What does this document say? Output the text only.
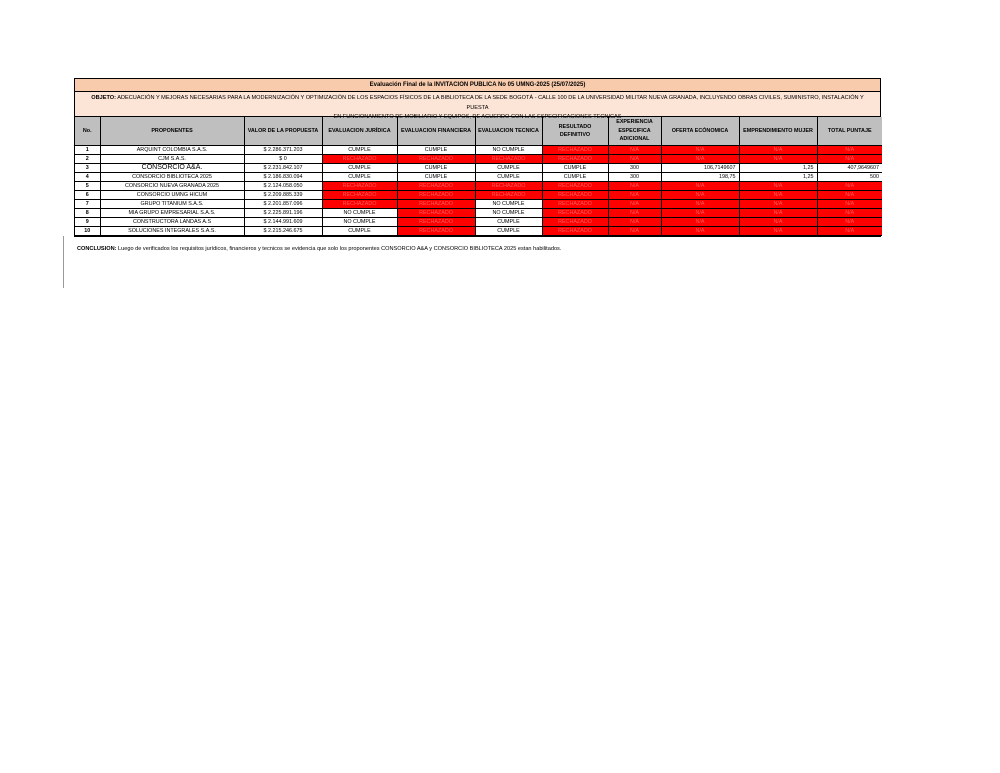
Evaluación Final de la INVITACION PUBLICA No 05 UMNG-2025 (25/07/2025)
OBJETO: ADECUACIÓN Y MEJORAS NECESARIAS PARA LA MODERNIZACIÓN Y OPTIMIZACIÓN DE LOS ESPACIOS FÍSICOS DE LA BIBLIOTECA DE LA SEDE BOGOTÁ - CALLE 100 DE LA UNIVERSIDAD MILITAR NUEVA GRANADA, INCLUYENDO OBRAS CIVILES, SUMINISTRO, INSTALACIÓN Y PUESTA
EN FUNCIONAMIENTO DE MOBILIARIO Y EQUIPOS, DE ACUERDO CON LAS ESPECIFICACIONES TECNICAS
No.	PROPONENTES	VALOR DE LA PROPUESTA	EVALUACION JURÍDICA	EVALUACION FINANCIERA	EVALUACION TECNICA	RESULTADO DEFINITIVO	EXPERIENCIA ESPECIFICA ADICIONAL	OFERTA ECÓNOMICA	EMPRENDIMIENTO MUJER	TOTAL PUNTAJE
1	ARQUINT COLOMBIA S.A.S.	$ 2.286.371.203	CUMPLE	CUMPLE	NO CUMPLE	RECHAZADO	N/A	N/A	N/A	N/A
2	CJM S.A.S.	$ 0	RECHAZADO	RECHAZADO	RECHAZADO	RECHAZADO	N/A	N/A	N/A	N/A
3	CONSORCIO A&A.	$ 2.231.842.107	CUMPLE	CUMPLE	CUMPLE	CUMPLE	300	106,7149607	1,25	407,9649607
4	CONSORCIO BIBLIOTECA 2025	$ 2.186.830.094	CUMPLE	CUMPLE	CUMPLE	CUMPLE	300	198,75	1,25	500
5	CONSORCIO NUEVA GRANADA 2025	$ 2.124.058.050	RECHAZADO	RECHAZADO	RECHAZADO	RECHAZADO	N/A	N/A	N/A	N/A
6	CONSORCIO UMNG HICUM	$ 2.209.885.339	RECHAZADO	RECHAZADO	RECHAZADO	RECHAZADO	N/A	N/A	N/A	N/A
7	GRUPO TITANIUM S.A.S.	$ 2.201.857.096	RECHAZADO	RECHAZADO	NO CUMPLE	RECHAZADO	N/A	N/A	N/A	N/A
8	MIA GRUPO EMPRESARIAL S.A.S.	$ 2.225.891.196	NO CUMPLE	RECHAZADO	NO CUMPLE	RECHAZADO	N/A	N/A	N/A	N/A
9	CONSTRUCTORA LANDAS A.S	$ 2.144.991.609	NO CUMPLE	RECHAZADO	CUMPLE	RECHAZADO	N/A	N/A	N/A	N/A
10	SOLUCIONES INTEGRALES S.A.S.	$ 2.215.246.675	CUMPLE	RECHAZADO	CUMPLE	RECHAZADO	N/A	N/A	N/A	N/A
CONCLUSION: Luego de verificados los requisitos jurídicos, financieros y tecnicos se evidencia que solo los proponentes CONSORCIO A&A y CONSORCIO BIBLIOTECA 2025 estan habilitados.
